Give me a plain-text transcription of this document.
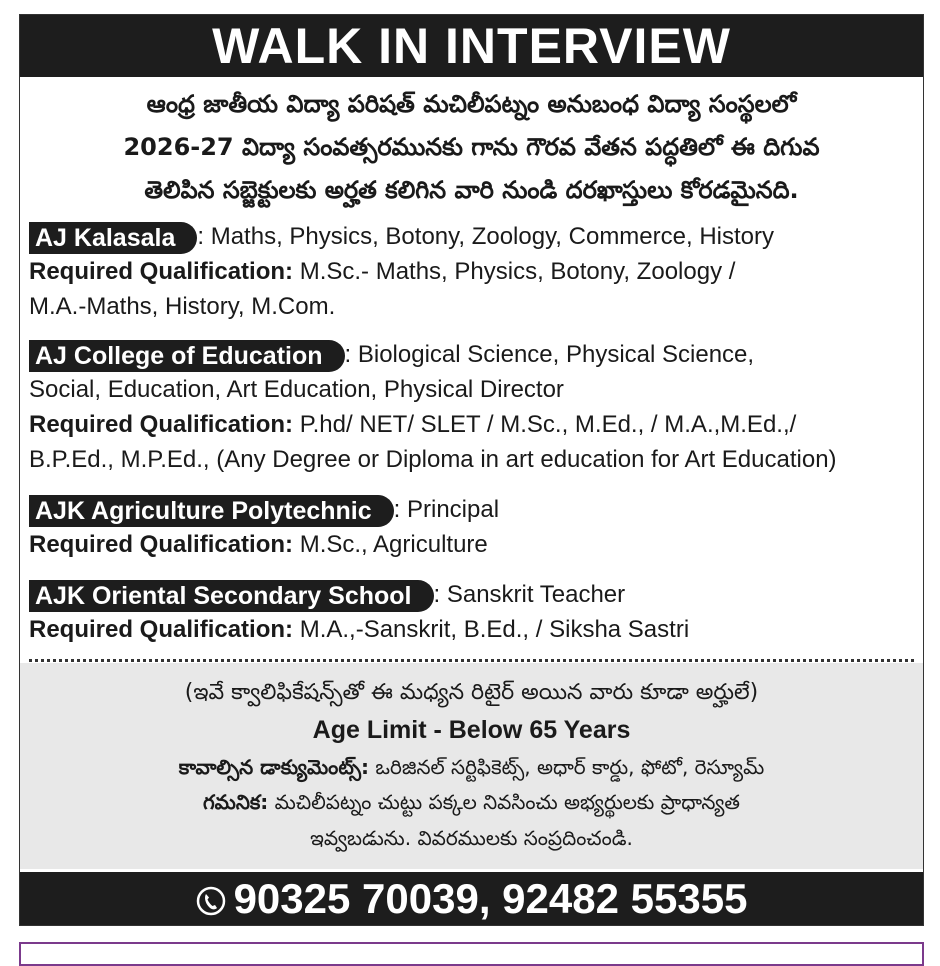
WALK IN INTERVIEW
ఆంధ్ర జాతీయ విద్యా పరిషత్ మచిలీపట్నం అనుబంధ విద్యా సంస్థలలో
2026-27 విద్యా సంవత్సరమునకు గాను గౌరవ వేతన పద్ధతిలో ఈ దిగువ
తెలిపిన సబ్జెక్టులకు అర్హత కలిగిన వారి నుండి దరఖాస్తులు కోరడమైనది.
AJ Kalasala : Maths, Physics, Botony, Zoology, Commerce, History
Required Qualification: M.Sc.- Maths, Physics, Botony, Zoology /
M.A.-Maths, History, M.Com.
AJ College of Education : Biological Science, Physical Science,
Social, Education, Art Education, Physical Director
Required Qualification: P.hd/ NET/ SLET / M.Sc., M.Ed., / M.A.,M.Ed.,/
B.P.Ed., M.P.Ed., (Any Degree or Diploma in art education for Art Education)
AJK Agriculture Polytechnic : Principal
Required Qualification: M.Sc., Agriculture
AJK Oriental Secondary School : Sanskrit Teacher
Required Qualification: M.A.,-Sanskrit, B.Ed., / Siksha Sastri
(ఇవే క్వాలిఫికేషన్స్‌తో ఈ మధ్యన రిటైర్ అయిన వారు కూడా అర్హులే)
Age Limit - Below 65 Years
కావాల్సిన డాక్యుమెంట్స్: ఒరిజినల్ సర్టిఫికెట్స్, అధార్ కార్డు, ఫోటో, రెస్యూమ్
గమనిక: మచిలీపట్నం చుట్టు పక్కల నివసించు అభ్యర్థులకు ప్రాధాన్యత
ఇవ్వబడును. వివరములకు సంప్రదించండి.
90325 70039, 92482 55355
